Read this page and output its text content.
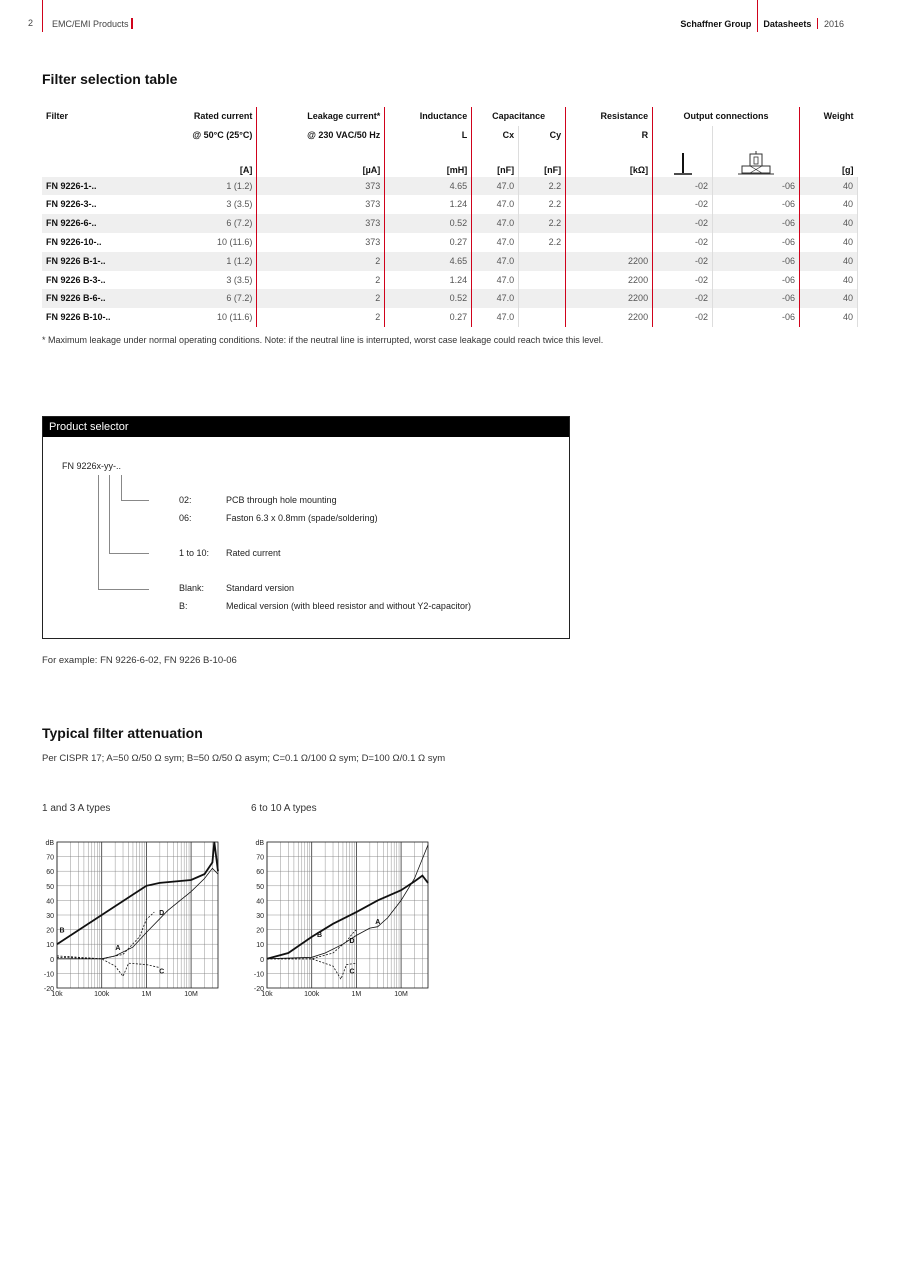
2 EMC/EMI Products	Schaffner Group Datasheets 2016
Filter selection table
Filter	Rated current	Leakage current*	Inductance	Capacitance		Resistance	Output connections		Weight
	@ 50°C (25°C)	@ 230 VAC/50 Hz	L	Cx	Cy	R			
	[A]	[µA]	[mH]	[nF]	[nF]	[kΩ]			[g]
FN 9226-1-..	1 (1.2)	373	4.65	47.0	2.2		-02	-06	40
FN 9226-3-..	3 (3.5)	373	1.24	47.0	2.2		-02	-06	40
FN 9226-6-..	6 (7.2)	373	0.52	47.0	2.2		-02	-06	40
FN 9226-10-..	10 (11.6)	373	0.27	47.0	2.2		-02	-06	40
FN 9226 B-1-..	1 (1.2)	2	4.65	47.0		2200	-02	-06	40
FN 9226 B-3-..	3 (3.5)	2	1.24	47.0		2200	-02	-06	40
FN 9226 B-6-..	6 (7.2)	2	0.52	47.0		2200	-02	-06	40
FN 9226 B-10-..	10 (11.6)	2	0.27	47.0		2200	-02	-06	40
* Maximum leakage under normal operating conditions. Note: if the neutral line is interrupted, worst case leakage could reach twice this level.
Product selector
FN 9226x-yy-..
02:	PCB through hole mounting
06:	Faston 6.3 x 0.8mm (spade/soldering)
1 to 10: Rated current
Blank: Standard version
B:	Medical version (with bleed resistor and without Y2-capacitor)
For example: FN 9226-6-02, FN 9226 B-10-06
Typical filter attenuation
Per CISPR 17; A=50 Ω/50 Ω sym; B=50 Ω/50 Ω asym; C=0.1 Ω/100 Ω sym; D=100 Ω/0.1 Ω sym
1 and 3 A types	6 to 10 A types
-20
-10
0
10
20
30
40
50
60
70
dB
10k	100k	1M	10M
A
B
C
D
-20
-10
0
10
20
30
40
50
60
70
dB
10k	100k	1M	10M
A
B
C
D
